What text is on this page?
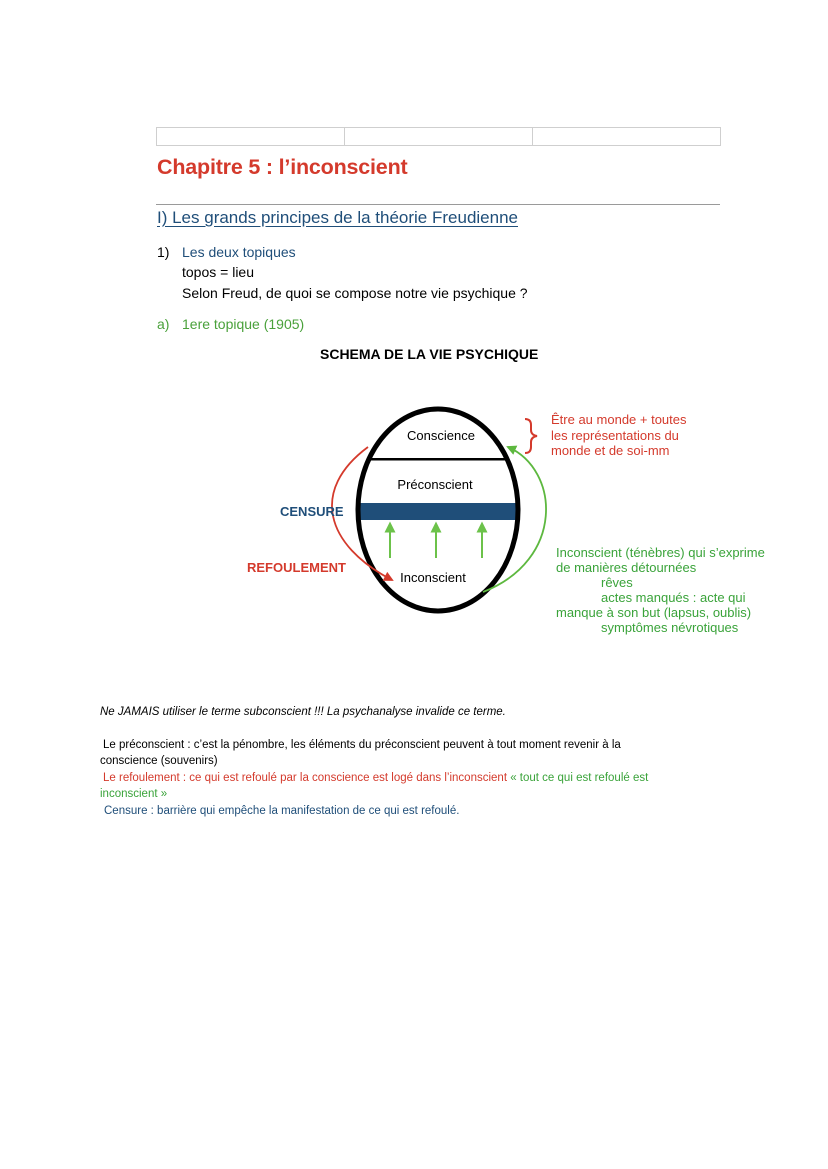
Chapitre 5 : l’inconscient
I) Les grands principes de la théorie Freudienne
1) Les deux topiques
topos = lieu
Selon Freud, de quoi se compose notre vie psychique ?
a) 1ere topique (1905)
SCHEMA DE LA VIE PSYCHIQUE
Conscience
Préconscient
Inconscient
CENSURE
REFOULEMENT
Être au monde + toutes
les représentations du
monde et de soi-mm
Inconscient (ténèbres) qui s’exprime
de manières détournées
rêves
actes manqués : acte qui
manque à son but (lapsus, oublis)
symptômes névrotiques
Ne JAMAIS utiliser le terme subconscient !!! La psychanalyse invalide ce terme.
Le préconscient : c’est la pénombre, les éléments du préconscient peuvent à tout moment revenir à la
conscience (souvenirs)
Le refoulement : ce qui est refoulé par la conscience est logé dans l’inconscient « tout ce qui est refoulé est
inconscient »
Censure : barrière qui empêche la manifestation de ce qui est refoulé.
